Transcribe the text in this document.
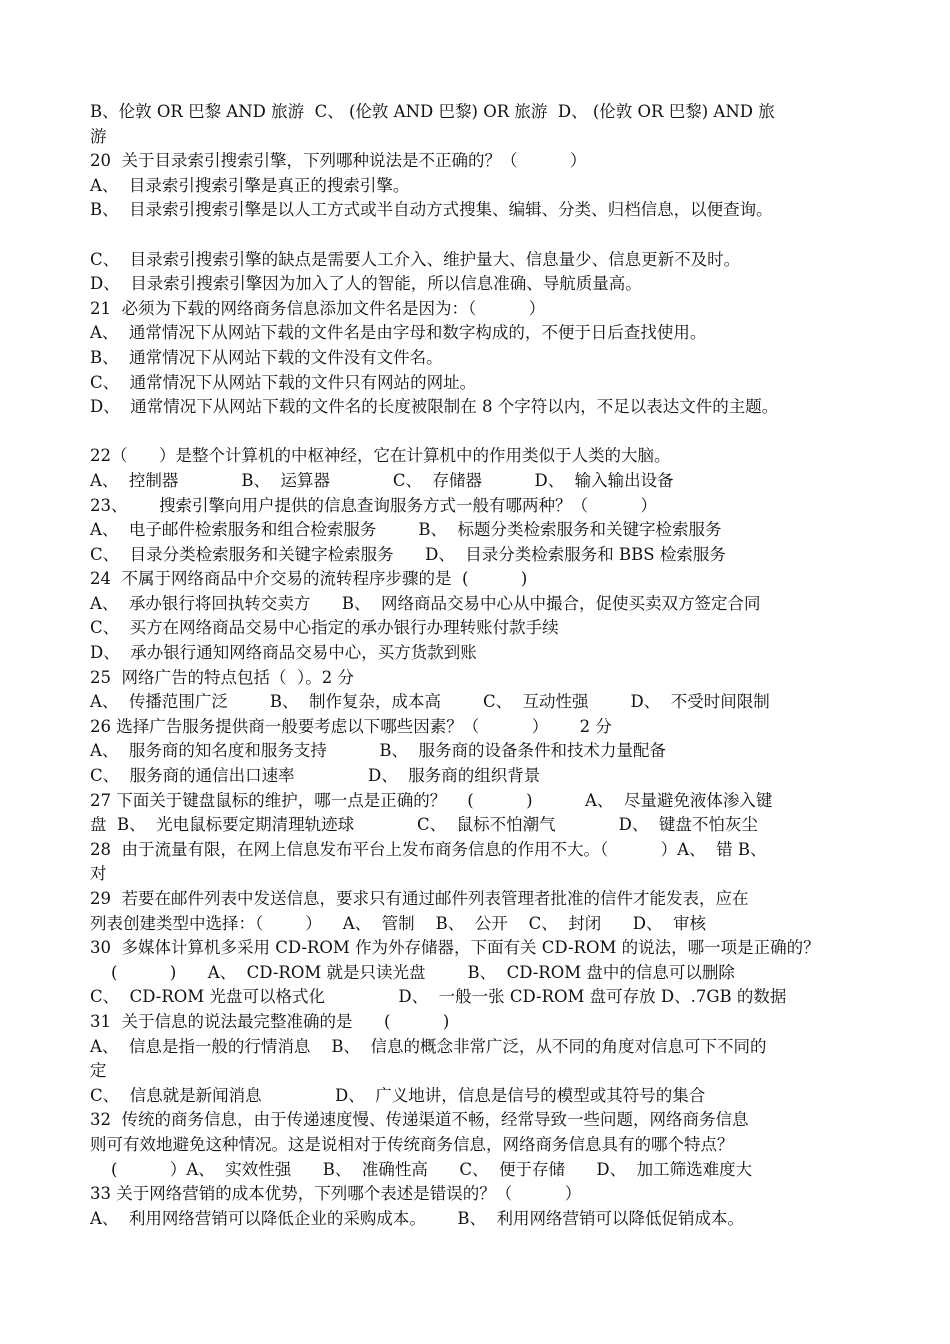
B、伦敦 OR 巴黎 AND 旅游  C、 (伦敦 AND 巴黎) OR 旅游  D、 (伦敦 OR 巴黎) AND 旅
游
20  关于目录索引搜索引擎，下列哪种说法是不正确的？（          ）
A、  目录索引搜索引擎是真正的搜索引擎。
B、  目录索引搜索引擎是以人工方式或半自动方式搜集、编辑、分类、归档信息，以便查询。
C、  目录索引搜索引擎的缺点是需要人工介入、维护量大、信息量少、信息更新不及时。
D、  目录索引搜索引擎因为加入了人的智能，所以信息准确、导航质量高。
21  必须为下载的网络商务信息添加文件名是因为：（          ）
A、  通常情况下从网站下载的文件名是由字母和数字构成的，不便于日后查找使用。
B、  通常情况下从网站下载的文件没有文件名。
C、  通常情况下从网站下载的文件只有网站的网址。
D、  通常情况下从网站下载的文件名的长度被限制在 8 个字符以内，不足以表达文件的主题。
22（      ）是整个计算机的中枢神经，它在计算机中的作用类似于人类的大脑。
A、  控制器            B、  运算器            C、  存储器          D、  输入输出设备
23、      搜索引擎向用户提供的信息查询服务方式一般有哪两种？（          ）
A、  电子邮件检索服务和组合检索服务        B、  标题分类检索服务和关键字检索服务
C、  目录分类检索服务和关键字检索服务      D、  目录分类检索服务和 BBS 检索服务
24  不属于网络商品中介交易的流转程序步骤的是  (          )
A、  承办银行将回执转交卖方      B、  网络商品交易中心从中撮合，促使买卖双方签定合同
C、  买方在网络商品交易中心指定的承办银行办理转账付款手续
D、  承办银行通知网络商品交易中心，买方货款到账
25  网络广告的特点包括（  ）。2 分
A、  传播范围广泛        B、  制作复杂，成本高        C、  互动性强        D、  不受时间限制
26 选择广告服务提供商一般要考虑以下哪些因素？（          ）      2 分
A、  服务商的知名度和服务支持          B、  服务商的设备条件和技术力量配备
C、  服务商的通信出口速率              D、  服务商的组织背景
27 下面关于键盘鼠标的维护，哪一点是正确的？    (          )          A、  尽量避免液体渗入键
盘  B、  光电鼠标要定期清理轨迹球            C、  鼠标不怕潮气            D、  键盘不怕灰尘
28  由于流量有限，在网上信息发布平台上发布商务信息的作用不大。（          ）A、  错 B、
对
29  若要在邮件列表中发送信息，要求只有通过邮件列表管理者批准的信件才能发表，应在
列表创建类型中选择：（        ）    A、  管制    B、  公开    C、  封闭      D、  审核
30  多媒体计算机多采用 CD-ROM 作为外存储器，下面有关 CD-ROM 的说法，哪一项是正确的？
(          )      A、  CD-ROM 就是只读光盘        B、  CD-ROM 盘中的信息可以删除
C、  CD-ROM 光盘可以格式化              D、  一般一张 CD-ROM 盘可存放 D、.7GB 的数据
31  关于信息的说法最完整准确的是      (          )
A、  信息是指一般的行情消息    B、  信息的概念非常广泛，从不同的角度对信息可下不同的
定
C、  信息就是新闻消息              D、  广义地讲，信息是信号的模型或其符号的集合
32  传统的商务信息，由于传递速度慢、传递渠道不畅，经常导致一些问题，网络商务信息
则可有效地避免这种情况。这是说相对于传统商务信息，网络商务信息具有的哪个特点？
(          ）A、  实效性强      B、  准确性高      C、  便于存储      D、  加工筛选难度大
33 关于网络营销的成本优势，下列哪个表述是错误的？（          ）
A、  利用网络营销可以降低企业的采购成本。      B、  利用网络营销可以降低促销成本。
